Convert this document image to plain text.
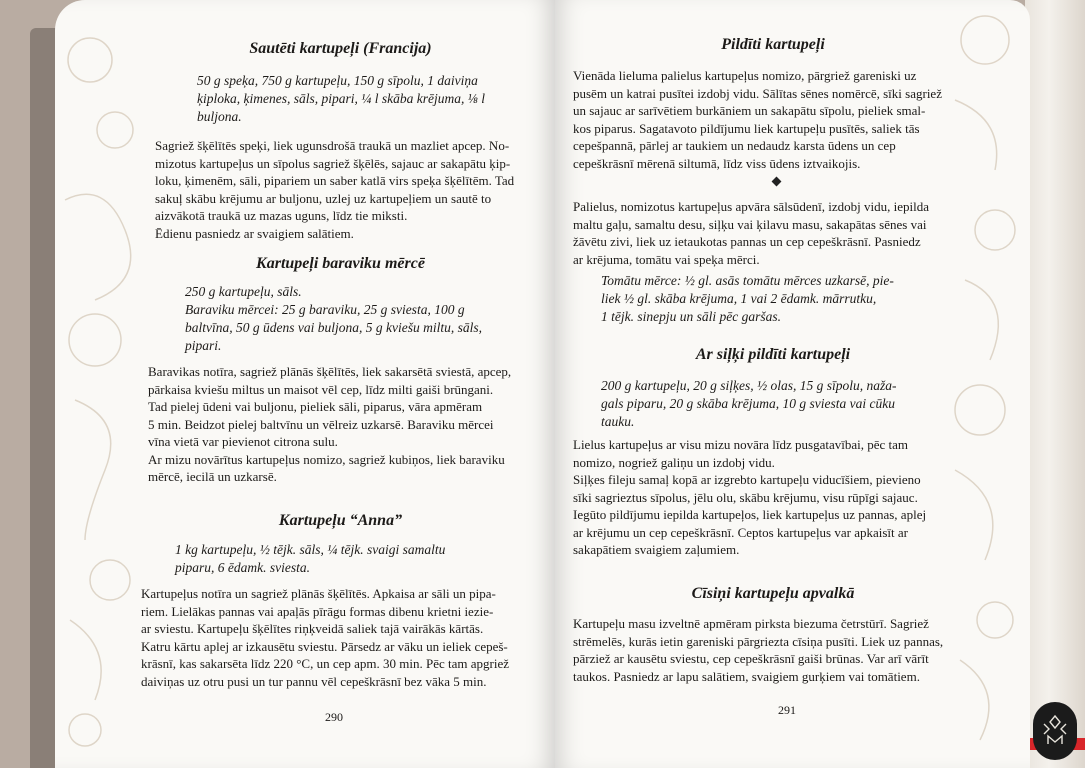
Sautēti kartupeļi (Francija)

50 g speķa, 750 g kartupeļu, 150 g sīpolu, 1 daiviņa

ķiploka, ķimenes, sāls, pipari, ¼ l skāba krējuma, ⅛ l

buljona.

Sagriež šķēlītēs speķi, liek ugunsdrošā traukā un mazliet apcep. No-

mizotus kartupeļus un sīpolus sagriež šķēlēs, sajauc ar sakapātu ķip-

loku, ķimenēm, sāli, pipariem un saber katlā virs speķa šķēlītēm. Tad

sakuļ skābu krējumu ar buljonu, uzlej uz kartupeļiem un sautē to

aizvākotā traukā uz mazas uguns, līdz tie miksti.

Ēdienu pasniedz ar svaigiem salātiem.

Kartupeļi baraviku mērcē

250 g kartupeļu, sāls.

Baraviku mērcei: 25 g baraviku, 25 g sviesta, 100 g

baltvīna, 50 g ūdens vai buljona, 5 g kviešu miltu, sāls,

pipari.

Baravikas notīra, sagriež plānās šķēlītēs, liek sakarsētā sviestā, apcep,

pārkaisa kviešu miltus un maisot vēl cep, līdz milti gaiši brūngani.

Tad pielej ūdeni vai buljonu, pieliek sāli, piparus, vāra apmēram

5 min. Beidzot pielej baltvīnu un vēlreiz uzkarsē. Baraviku mērcei

vīna vietā var pievienot citrona sulu.

Ar mizu novārītus kartupeļus nomizo, sagriež kubiņos, liek baraviku

mērcē, iecilā un uzkarsē.

Kartupeļu “Anna”

1 kg kartupeļu, ½ tējk. sāls, ¼ tējk. svaigi samaltu

piparu, 6 ēdamk. sviesta.

Kartupeļus notīra un sagriež plānās šķēlītēs. Apkaisa ar sāli un pipa-

riem. Lielākas pannas vai apaļās pīrāgu formas dibenu krietni iezie-

ar sviestu. Kartupeļu šķēlītes riņķveidā saliek tajā vairākās kārtās.

Katru kārtu aplej ar izkausētu sviestu. Pārsedz ar vāku un ieliek cepeš-

krāsnī, kas sakarsēta līdz 220 °C, un cep apm. 30 min. Pēc tam apgriež

daiviņas uz otru pusi un tur pannu vēl cepeškrāsnī bez vāka 5 min.

290
Pildīti kartupeļi

Vienāda lieluma palielus kartupeļus nomizo, pārgriež gareniski uz

pusēm un katrai pusītei izdobj vidu. Sālītas sēnes nomērcē, sīki sagriež

un sajauc ar sarīvētiem burkāniem un sakapātu sīpolu, pieliek smal-

kos piparus. Sagatavoto pildījumu liek kartupeļu pusītēs, saliek tās

cepešpannā, pārlej ar taukiem un nedaudz karsta ūdens un cep

cepeškrāsnī mērenā siltumā, līdz viss ūdens iztvaikojis.

Palielus, nomizotus kartupeļus apvāra sālsūdenī, izdobj vidu, iepilda

maltu gaļu, samaltu desu, siļķu vai ķilavu masu, sakapātas sēnes vai

žāvētu zivi, liek uz ietaukotas pannas un cep cepeškrāsnī. Pasniedz

ar krējuma, tomātu vai speķa mērci.

Tomātu mērce: ½ gl. asās tomātu mērces uzkarsē, pie-

liek ½ gl. skāba krējuma, 1 vai 2 ēdamk. mārrutku,

1 tējk. sinepju un sāli pēc garšas.

Ar siļķi pildīti kartupeļi

200 g kartupeļu, 20 g siļķes, ½ olas, 15 g sīpolu, naža-

gals piparu, 20 g skāba krējuma, 10 g sviesta vai cūku

tauku.

Lielus kartupeļus ar visu mizu novāra līdz pusgatavībai, pēc tam

nomizo, nogriež galiņu un izdobj vidu.

Siļķes fileju samaļ kopā ar izgrebto kartupeļu viducīšiem, pievieno

sīki sagrieztus sīpolus, jēlu olu, skābu krējumu, visu rūpīgi sajauc.

Iegūto pildījumu iepilda kartupeļos, liek kartupeļus uz pannas, aplej

ar krējumu un cep cepeškrāsnī. Ceptos kartupeļus var apkaisīt ar

sakapātiem svaigiem zaļumiem.

Cīsiņi kartupeļu apvalkā

Kartupeļu masu izveltnē apmēram pirksta biezuma četrstūrī. Sagriež

strēmelēs, kurās ietin gareniski pārgriezta cīsiņa pusīti. Liek uz pannas,

pārziež ar kausētu sviestu, cep cepeškrāsnī gaiši brūnas. Var arī vārīt

taukos. Pasniedz ar lapu salātiem, svaigiem gurķiem vai tomātiem.

291
